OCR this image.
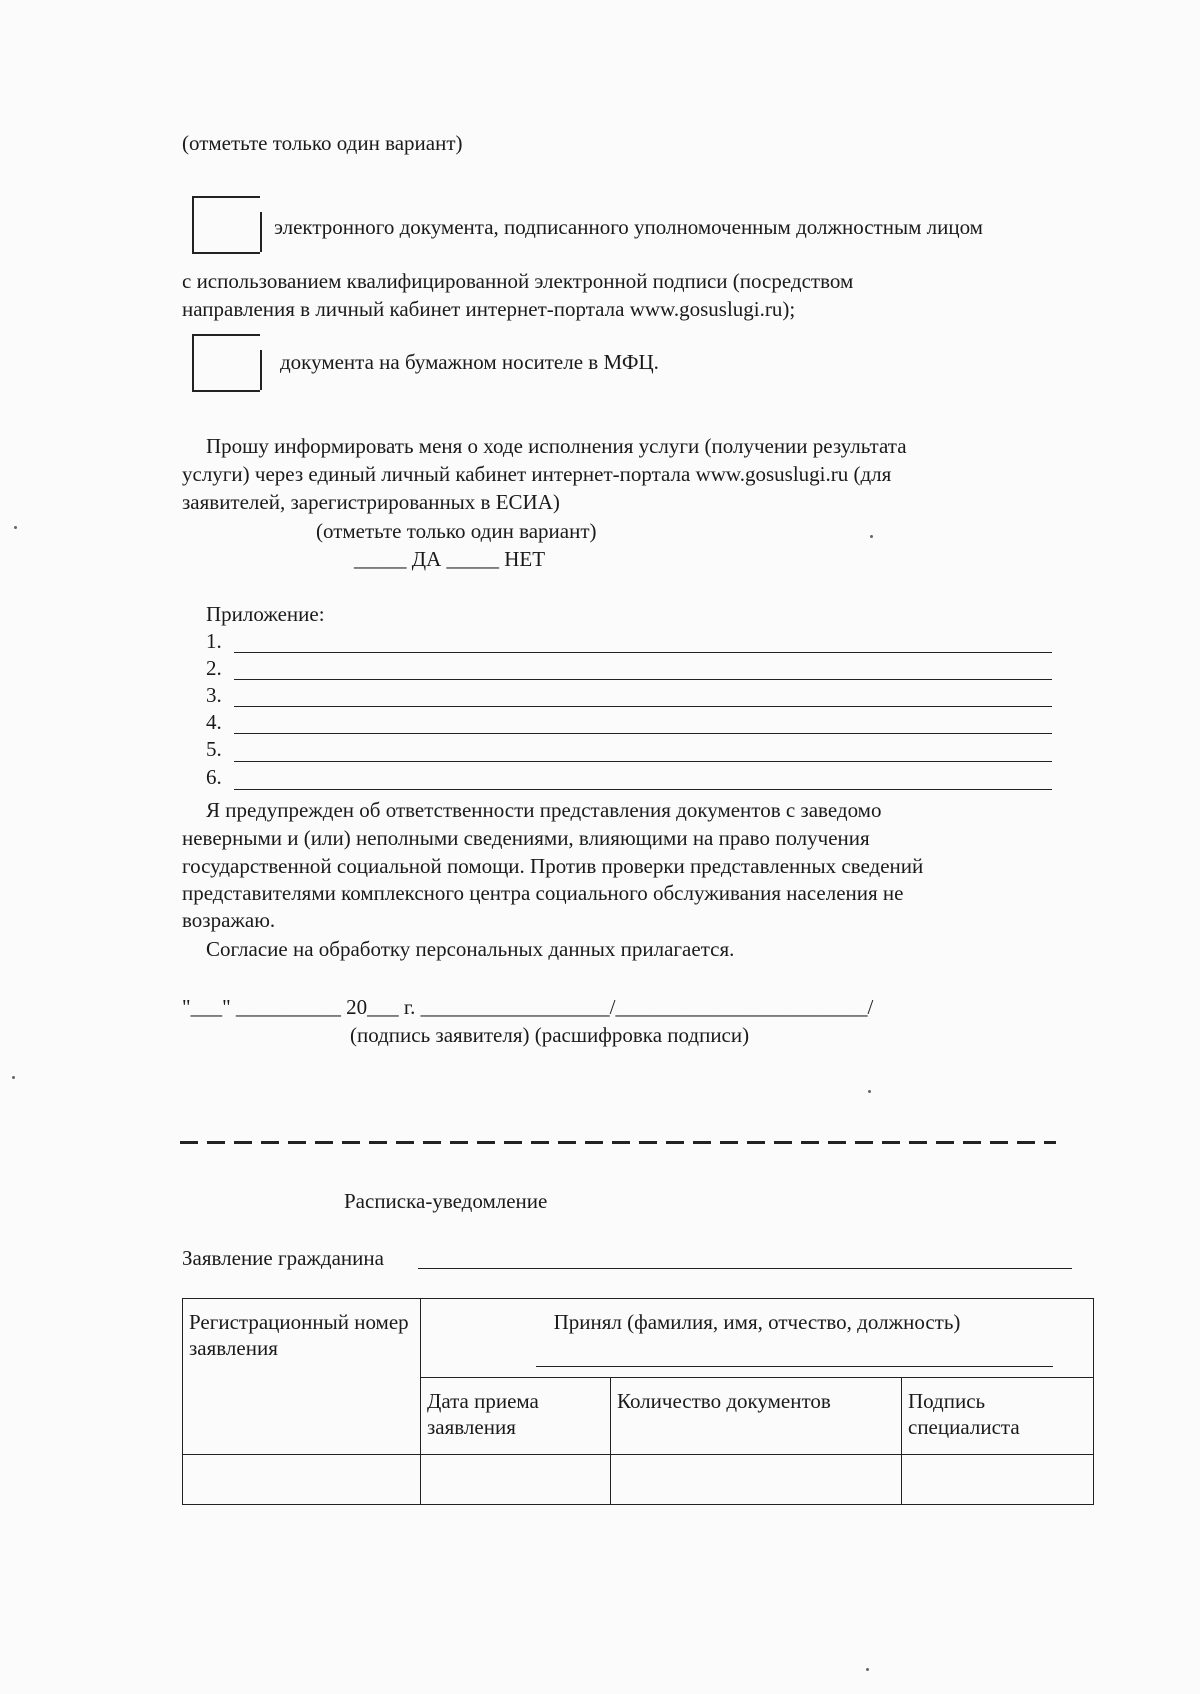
(отметьте только один вариант)
электронного документа, подписанного уполномоченным должностным лицом
с использованием квалифицированной электронной подписи (посредством
направления в личный кабинет интернет-портала www.gosuslugi.ru);
документа на бумажном носителе в МФЦ.
Прошу информировать меня о ходе исполнения услуги (получении результата
услуги) через единый личный кабинет интернет-портала www.gosuslugi.ru (для
заявителей, зарегистрированных в ЕСИА)
(отметьте только один вариант)
_____ ДА _____ НЕТ
Приложение:
1.
2.
3.
4.
5.
6.
Я предупрежден об ответственности представления документов с заведомо
неверными и (или) неполными сведениями, влияющими на право получения
государственной социальной помощи. Против проверки представленных сведений
представителями комплексного центра социального обслуживания населения не
возражаю.
Согласие на обработку персональных данных прилагается.
"___" __________ 20___ г. __________________/________________________/
(подпись заявителя) (расшифровка подписи)
Расписка-уведомление
Заявление гражданина
Регистрационный номер заявления	Принял (фамилия, имя, отчество, должность)		

	Дата приема заявления	Количество документов	Подпись специалиста
